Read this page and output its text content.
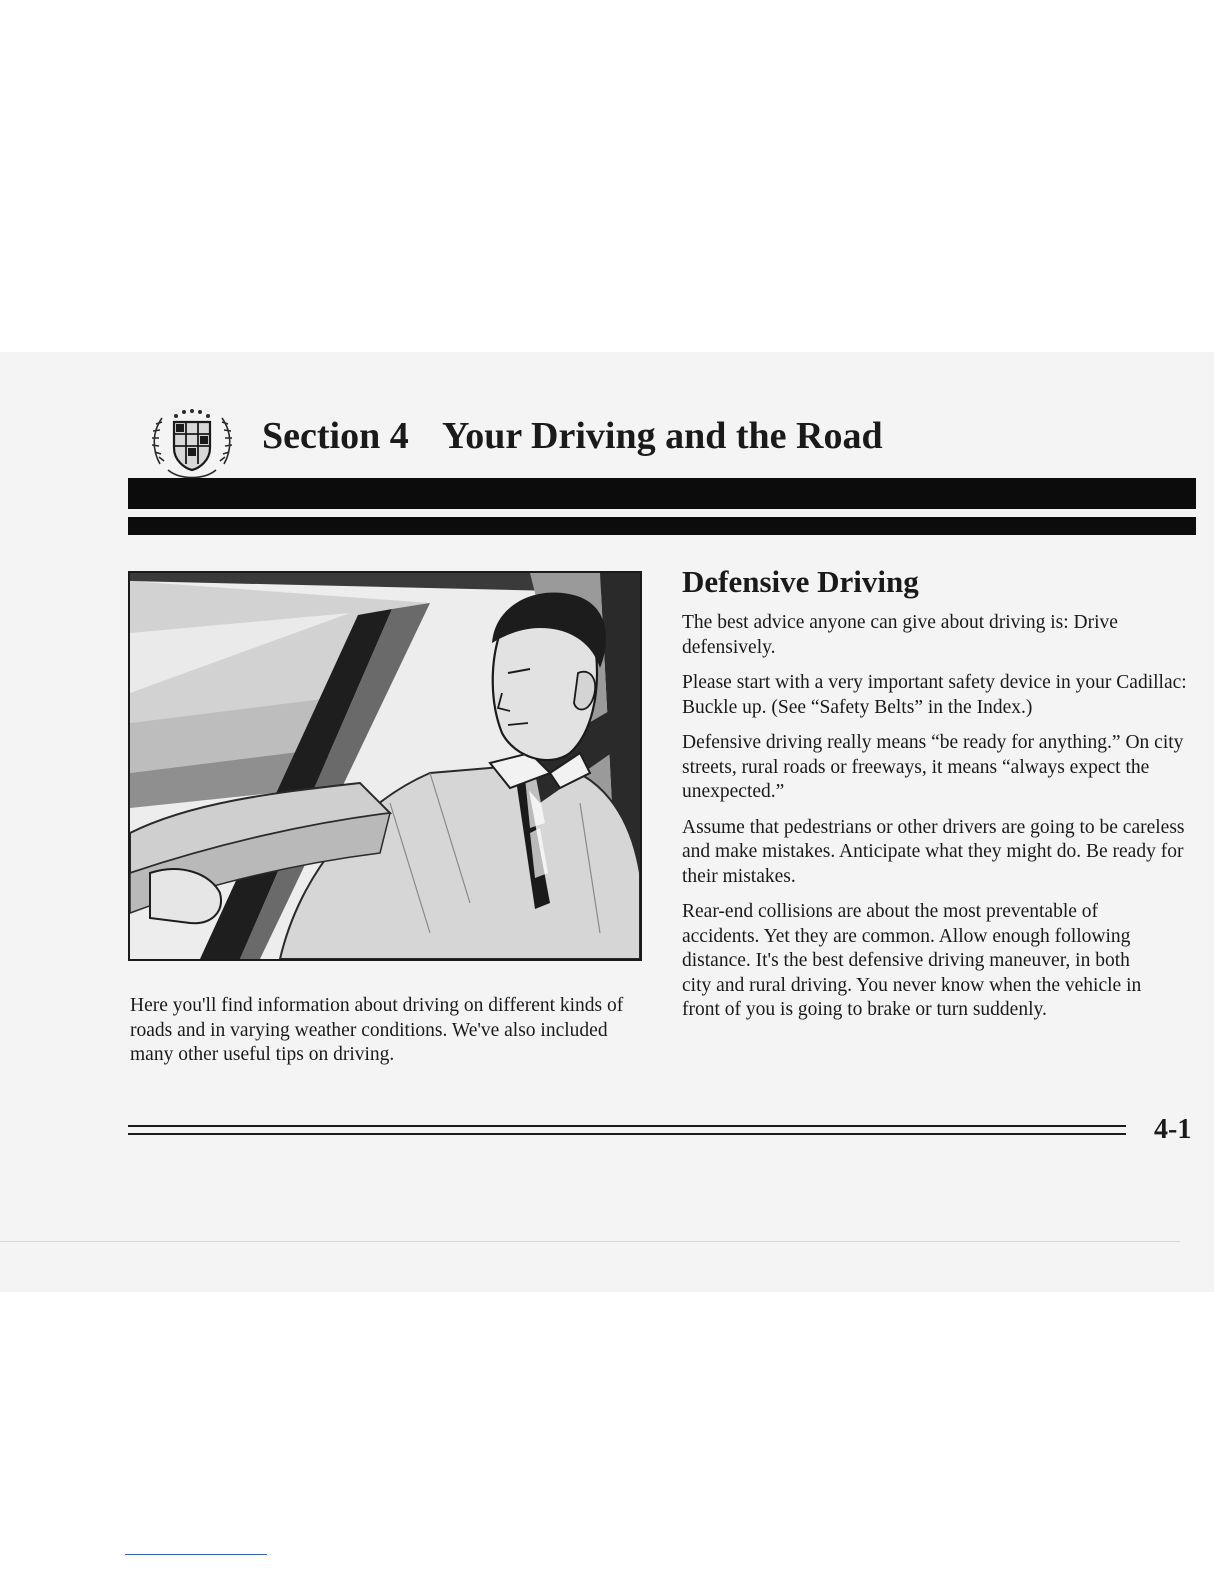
Section 4 Your Driving and the Road

Here you'll find information about driving on different kinds of roads and in varying weather conditions. We've also included many other useful tips on driving.

Defensive Driving

The best advice anyone can give about driving is: Drive defensively.

Please start with a very important safety device in your Cadillac: Buckle up. (See “Safety Belts” in the Index.)

Defensive driving really means “be ready for anything.” On city streets, rural roads or freeways, it means “always expect the unexpected.”

Assume that pedestrians or other drivers are going to be careless and make mistakes. Anticipate what they might do. Be ready for their mistakes.

Rear-end collisions are about the most preventable of accidents. Yet they are common. Allow enough following distance. It's the best defensive driving maneuver, in both city and rural driving. You never know when the vehicle in front of you is going to brake or turn suddenly.

4-1
